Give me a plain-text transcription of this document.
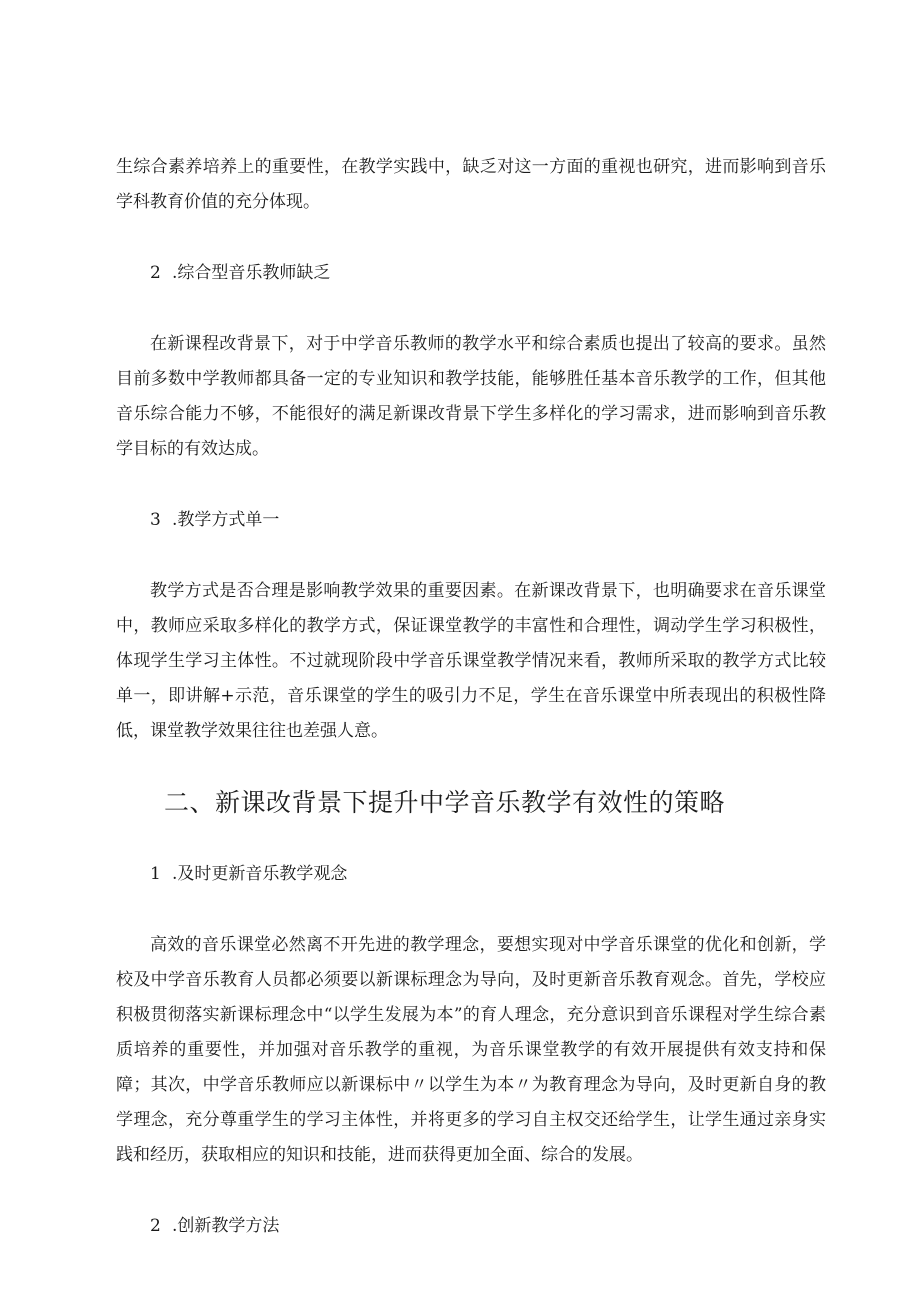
生综合素养培养上的重要性，在教学实践中，缺乏对这一方面的重视也研究，进而影响到音乐学科教育价值的充分体现。

2 .综合型音乐教师缺乏

在新课程改背景下，对于中学音乐教师的教学水平和综合素质也提出了较高的要求。虽然目前多数中学教师都具备一定的专业知识和教学技能，能够胜任基本音乐教学的工作，但其他音乐综合能力不够，不能很好的满足新课改背景下学生多样化的学习需求，进而影响到音乐教学目标的有效达成。

3 .教学方式单一

教学方式是否合理是影响教学效果的重要因素。在新课改背景下，也明确要求在音乐课堂中，教师应采取多样化的教学方式，保证课堂教学的丰富性和合理性，调动学生学习积极性，体现学生学习主体性。不过就现阶段中学音乐课堂教学情况来看，教师所采取的教学方式比较单一，即讲解+示范，音乐课堂的学生的吸引力不足，学生在音乐课堂中所表现出的积极性降低，课堂教学效果往往也差强人意。

二、新课改背景下提升中学音乐教学有效性的策略

1 .及时更新音乐教学观念

高效的音乐课堂必然离不开先进的教学理念，要想实现对中学音乐课堂的优化和创新，学校及中学音乐教育人员都必须要以新课标理念为导向，及时更新音乐教育观念。首先，学校应积极贯彻落实新课标理念中“以学生发展为本”的育人理念，充分意识到音乐课程对学生综合素质培养的重要性，并加强对音乐教学的重视，为音乐课堂教学的有效开展提供有效支持和保障；其次，中学音乐教师应以新课标中〃以学生为本〃为教育理念为导向，及时更新自身的教学理念，充分尊重学生的学习主体性，并将更多的学习自主权交还给学生，让学生通过亲身实践和经历，获取相应的知识和技能，进而获得更加全面、综合的发展。

2 .创新教学方法
